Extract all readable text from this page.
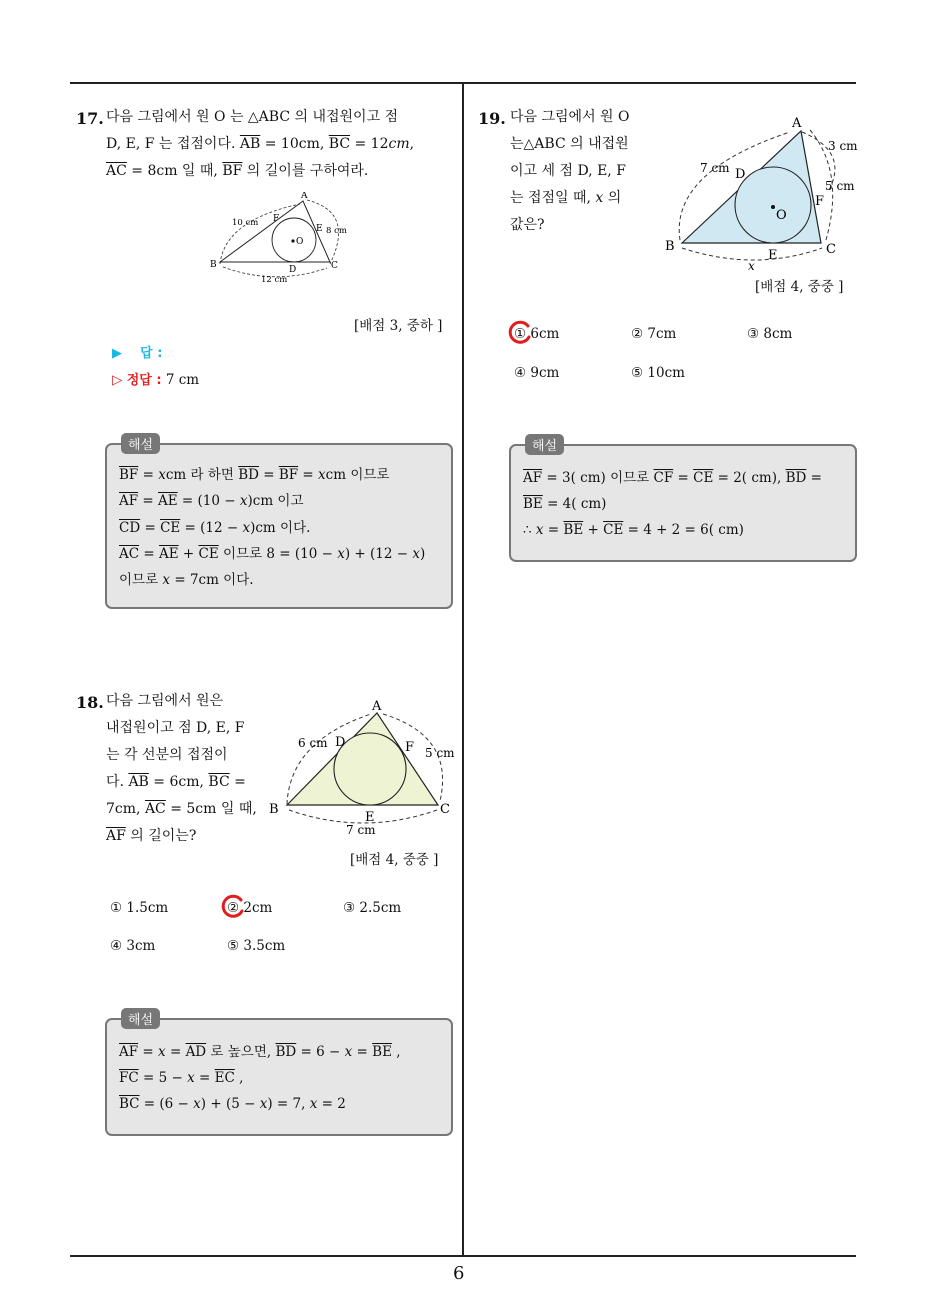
6
17. 다음 그림에서 원 O 는 △ABC 의 내접원이고 점
D, E, F 는 접점이다. $\overline{AB} = 10cm$, $\overline{BC} = 12cm$,
$\overline{AC} = 8cm$ 일 때, $\overline{BF}$ 의 길이를 구하여라.
A
B	C
D
E
F
O
10 cm
8 cm
12 cm
[배점 3, 중하 ]
▶ 답 :
▷ 정답 : 7 cm
해설
$\overline{BF}$ = xcm 라 하면 $\overline{BD} = \overline{BF}$ = xcm 이므로
$\overline{AF} = \overline{AE} = (10 - x)cm$ 이고
$\overline{CD} = \overline{CE} = (12 - x)cm$ 이다.
$\overline{AC} = \overline{AE} + \overline{CE}$ 이므로 8 = (10 − x) + (12 − x)
이므로 x = 7cm 이다.
18. 다음 그림에서 원은
내접원이고 점 D, E, F
는 각 선분의 접점이
다. $\overline{AB} = 6cm$, $\overline{BC}$ =
7cm, $\overline{AC} = 5cm$ 일 때,
$\overline{AF}$ 의 길이는?
A
B	C
D
E
F
6 cm
5 cm
7 cm
[배점 4, 중중 ]
① 1.5cm	② 2cm	③ 2.5cm
④ 3cm	⑤ 3.5cm
해설
$\overline{AF} = x = \overline{AD}$ 로 높으면, $\overline{BD} = 6 - x = \overline{BE}$ ,
$\overline{FC} = 5 - x = \overline{EC}$ ,
$\overline{BC} = (6 - x) + (5 - x) = 7$, x = 2
19. 다음 그림에서 원 O
는△ABC 의 내접원
이고 세 점 D, E, F
는 접점일 때, x 의
값은?
A
B	C
D
E
F
O
7 cm
3 cm
5 cm
x
[배점 4, 중중 ]
① 6cm	② 7cm	③ 8cm
④ 9cm	⑤ 10cm
해설
$\overline{AF} = 3$( cm) 이므로 $\overline{CF} = \overline{CE} = 2$( cm), $\overline{BD}$ =
$\overline{BE} = 4$( cm)
∴ $x = \overline{BE} + \overline{CE} = 4 + 2 = 6$( cm)
